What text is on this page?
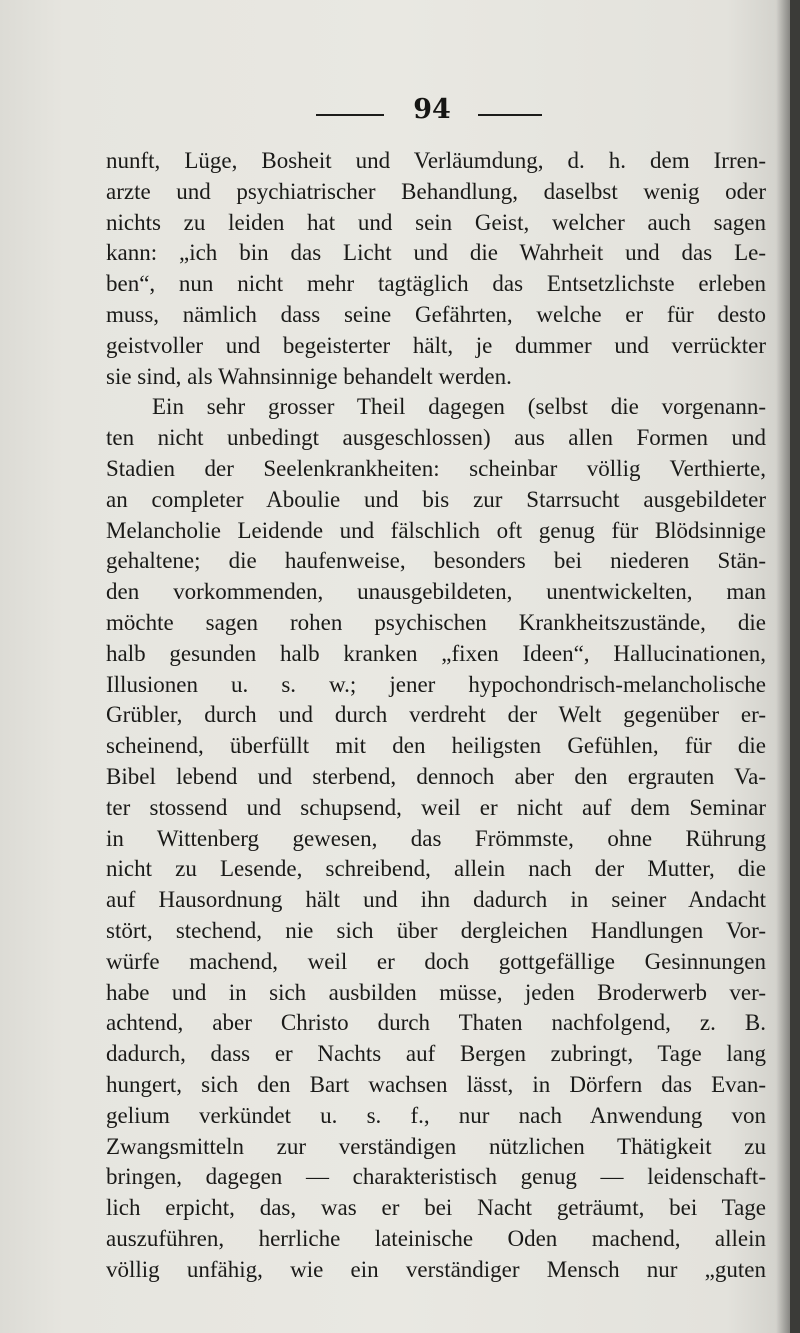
94
nunft, Lüge, Bosheit und Verläumdung, d. h. dem Irren-
arzte und psychiatrischer Behandlung, daselbst wenig oder
nichts zu leiden hat und sein Geist, welcher auch sagen
kann: „ich bin das Licht und die Wahrheit und das Le-
ben“, nun nicht mehr tagtäglich das Entsetzlichste erleben
muss, nämlich dass seine Gefährten, welche er für desto
geistvoller und begeisterter hält, je dummer und verrückter
sie sind, als Wahnsinnige behandelt werden.
Ein sehr grosser Theil dagegen (selbst die vorgenann-
ten nicht unbedingt ausgeschlossen) aus allen Formen und
Stadien der Seelenkrankheiten: scheinbar völlig Verthierte,
an completer Aboulie und bis zur Starrsucht ausgebildeter
Melancholie Leidende und fälschlich oft genug für Blödsinnige
gehaltene; die haufenweise, besonders bei niederen Stän-
den vorkommenden, unausgebildeten, unentwickelten, man
möchte sagen rohen psychischen Krankheitszustände, die
halb gesunden halb kranken „fixen Ideen“, Hallucinationen,
Illusionen u. s. w.; jener hypochondrisch-melancholische
Grübler, durch und durch verdreht der Welt gegenüber er-
scheinend, überfüllt mit den heiligsten Gefühlen, für die
Bibel lebend und sterbend, dennoch aber den ergrauten Va-
ter stossend und schupsend, weil er nicht auf dem Seminar
in Wittenberg gewesen, das Frömmste, ohne Rührung
nicht zu Lesende, schreibend, allein nach der Mutter, die
auf Hausordnung hält und ihn dadurch in seiner Andacht
stört, stechend, nie sich über dergleichen Handlungen Vor-
würfe machend, weil er doch gottgefällige Gesinnungen
habe und in sich ausbilden müsse, jeden Broderwerb ver-
achtend, aber Christo durch Thaten nachfolgend, z. B.
dadurch, dass er Nachts auf Bergen zubringt, Tage lang
hungert, sich den Bart wachsen lässt, in Dörfern das Evan-
gelium verkündet u. s. f., nur nach Anwendung von
Zwangsmitteln zur verständigen nützlichen Thätigkeit zu
bringen, dagegen — charakteristisch genug — leidenschaft-
lich erpicht, das, was er bei Nacht geträumt, bei Tage
auszuführen, herrliche lateinische Oden machend, allein
völlig unfähig, wie ein verständiger Mensch nur „guten
